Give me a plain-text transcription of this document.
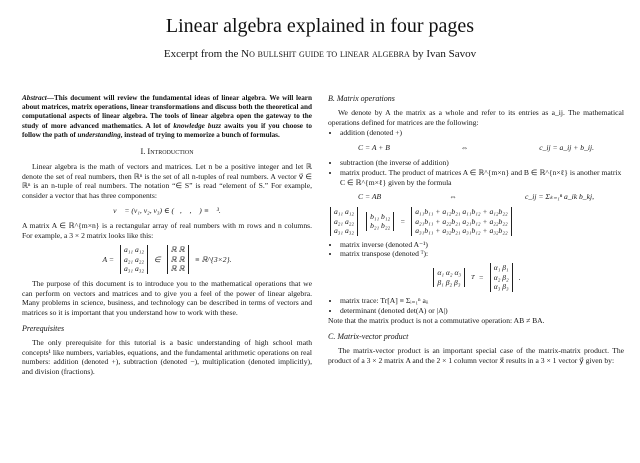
Linear algebra explained in four pages
Excerpt from the No bullshit guide to linear algebra by Ivan Savov

Abstract—This document will review the fundamental ideas of linear algebra. We will learn about matrices, matrix operations, linear transformations and discuss both the theoretical and computational aspects of linear algebra. The tools of linear algebra open the gateway to the study of more advanced mathematics. A lot of knowledge buzz awaits you if you choose to follow the path of understanding, instead of trying to memorize a bunch of formulas.

I. Introduction

Linear algebra is the math of vectors and matrices. Let n be a positive integer and let ℝ denote the set of real numbers, then ℝⁿ is the set of all n-tuples of real numbers. A vector v⃗ ∈ ℝⁿ is an n-tuple of real numbers. The notation “∈ S” is read “element of S.” For example, consider a vector that has three components:

v⃗ = (v₁, v₂, v₃) ∈ (ℝ, ℝ, ℝ) ≡ ℝ³.

A matrix A ∈ ℝ^{m×n} is a rectangular array of real numbers with m rows and n columns. For example, a 3 × 2 matrix looks like this:

A =
a₁₁ a₁₂
a₂₁ a₂₂
a₃₁ a₃₂
∈
ℝ ℝ
ℝ ℝ
ℝ ℝ
≡ ℝ^{3×2}.

The purpose of this document is to introduce you to the mathematical operations that we can perform on vectors and matrices and to give you a feel of the power of linear algebra. Many problems in science, business, and technology can be described in terms of vectors and matrices so it is important that you understand how to work with these.

Prerequisites

The only prerequisite for this tutorial is a basic understanding of high school math concepts¹ like numbers, variables, equations, and the fundamental arithmetic operations on real numbers: addition (denoted +), subtraction (denoted −), multiplication (denoted implicitly), and division (fractions).

B. Matrix operations

We denote by A the matrix as a whole and refer to its entries as a_ij. The mathematical operations defined for matrices are the following:

• addition (denoted +)
C = A + B	⇔	c_ij = a_ij + b_ij.
• subtraction (the inverse of addition)
• matrix product. The product of matrices A ∈ ℝ^{m×n} and B ∈ ℝ^{n×ℓ} is another matrix C ∈ ℝ^{m×ℓ} given by the formula
C = AB	⇔	c_ij = Σₖ₌₁ⁿ a_ik b_kj,
a₁₁ a₁₂
a₂₁ a₂₂
a₃₁ a₃₂
b₁₁ b₁₂
b₂₁ b₂₂
=
a₁₁b₁₁ + a₁₂b₂₁ a₁₁b₁₂ + a₁₂b₂₂
a₂₁b₁₁ + a₂₂b₂₁ a₂₁b₁₂ + a₂₂b₂₂
a₃₁b₁₁ + a₃₂b₂₁ a₃₁b₁₂ + a₃₂b₂₂
• matrix inverse (denoted A⁻¹)
• matrix transpose (denoted ᵀ):
α₁ α₂ α₃
β₁ β₂ β₃
T =
α₁ β₁
α₂ β₂
α₃ β₃
.
• matrix trace: Tr[A] ≡ Σᵢ₌₁ⁿ aᵢᵢ
• determinant (denoted det(A) or |A|)

Note that the matrix product is not a commutative operation: AB ≠ BA.

C. Matrix-vector product

The matrix-vector product is an important special case of the matrix-matrix product. The product of a 3 × 2 matrix A and the 2 × 1 column vector x⃗ results in a 3 × 1 vector y⃗ given by:
